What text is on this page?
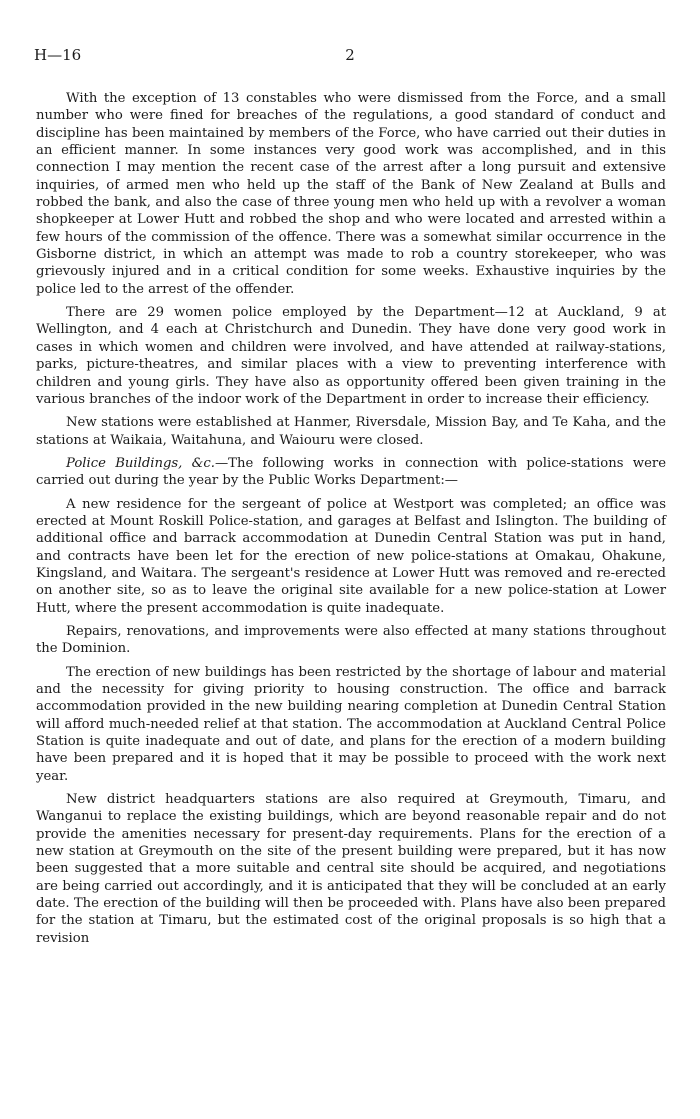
H—16	2

With the exception of 13 constables who were dismissed from the Force, and a small number who were fined for breaches of the regulations, a good standard of conduct and discipline has been maintained by members of the Force, who have carried out their duties in an efficient manner. In some instances very good work was accomplished, and in this connection I may mention the recent case of the arrest after a long pursuit and extensive inquiries, of armed men who held up the staff of the Bank of New Zealand at Bulls and robbed the bank, and also the case of three young men who held up with a revolver a woman shopkeeper at Lower Hutt and robbed the shop and who were located and arrested within a few hours of the commission of the offence. There was a somewhat similar occurrence in the Gisborne district, in which an attempt was made to rob a country storekeeper, who was grievously injured and in a critical condition for some weeks. Exhaustive inquiries by the police led to the arrest of the offender.

There are 29 women police employed by the Department—12 at Auckland, 9 at Wellington, and 4 each at Christchurch and Dunedin. They have done very good work in cases in which women and children were involved, and have attended at railway-stations, parks, picture-theatres, and similar places with a view to preventing interference with children and young girls. They have also as opportunity offered been given training in the various branches of the indoor work of the Department in order to increase their efficiency.

New stations were established at Hanmer, Riversdale, Mission Bay, and Te Kaha, and the stations at Waikaia, Waitahuna, and Waiouru were closed.

Police Buildings, &c.—The following works in connection with police-stations were carried out during the year by the Public Works Department:—

A new residence for the sergeant of police at Westport was completed; an office was erected at Mount Roskill Police-station, and garages at Belfast and Islington. The building of additional office and barrack accommodation at Dunedin Central Station was put in hand, and contracts have been let for the erection of new police-stations at Omakau, Ohakune, Kingsland, and Waitara. The sergeant's residence at Lower Hutt was removed and re-erected on another site, so as to leave the original site available for a new police-station at Lower Hutt, where the present accommodation is quite inadequate.

Repairs, renovations, and improvements were also effected at many stations throughout the Dominion.

The erection of new buildings has been restricted by the shortage of labour and material and the necessity for giving priority to housing construction. The office and barrack accommodation provided in the new building nearing completion at Dunedin Central Station will afford much-needed relief at that station. The accommodation at Auckland Central Police Station is quite inadequate and out of date, and plans for the erection of a modern building have been prepared and it is hoped that it may be possible to proceed with the work next year.

New district headquarters stations are also required at Greymouth, Timaru, and Wanganui to replace the existing buildings, which are beyond reasonable repair and do not provide the amenities necessary for present-day requirements. Plans for the erection of a new station at Greymouth on the site of the present building were prepared, but it has now been suggested that a more suitable and central site should be acquired, and negotiations are being carried out accordingly, and it is anticipated that they will be concluded at an early date. The erection of the building will then be proceeded with. Plans have also been prepared for the station at Timaru, but the estimated cost of the original proposals is so high that a revision
